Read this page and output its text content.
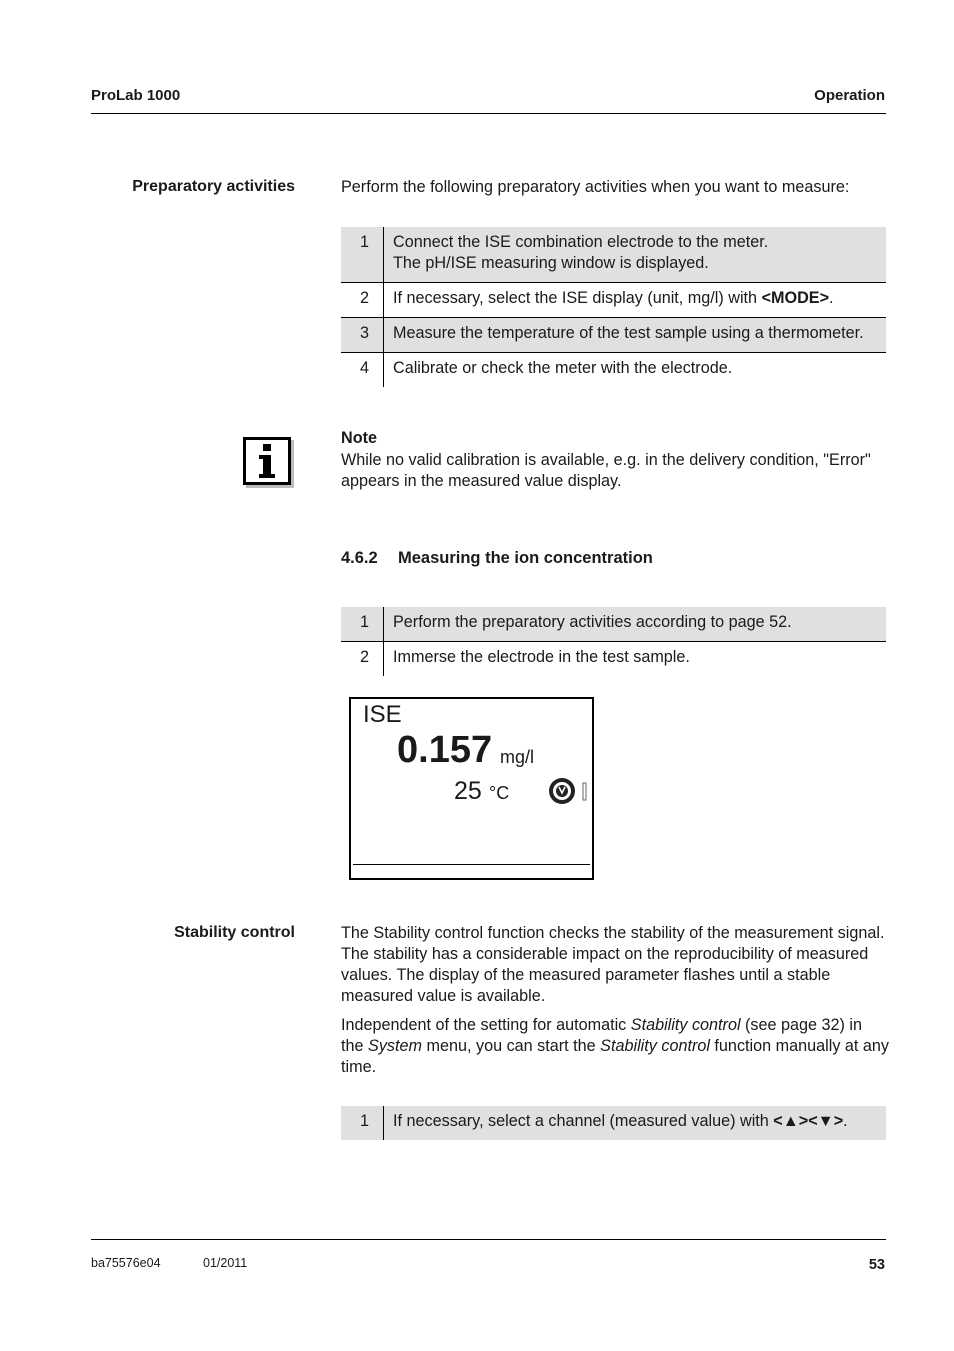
ProLab 1000	Operation
Preparatory activities	Perform the following preparatory activities when you want to measure:
1	Connect the ISE combination electrode to the meter.
The pH/ISE measuring window is displayed.
2	If necessary, select the ISE display (unit, mg/l) with <MODE>.
3	Measure the temperature of the test sample using a thermometer.
4	Calibrate or check the meter with the electrode.
Note
While no valid calibration is available, e.g. in the delivery condition, "Error" appears in the measured value display.
4.6.2 Measuring the ion concentration
1	Perform the preparatory activities according to page 52.
2	Immerse the electrode in the test sample.
ISE
0.157 mg/l
25 °C
Stability control	The Stability control function checks the stability of the measurement signal. The stability has a considerable impact on the reproducibility of measured values. The display of the measured parameter flashes until a stable measured value is available.

Independent of the setting for automatic Stability control (see page 32) in the System menu, you can start the Stability control function manually at any time.

1	If necessary, select a channel (measured value) with <▲><▼>.
ba75576e04	01/2011	53
